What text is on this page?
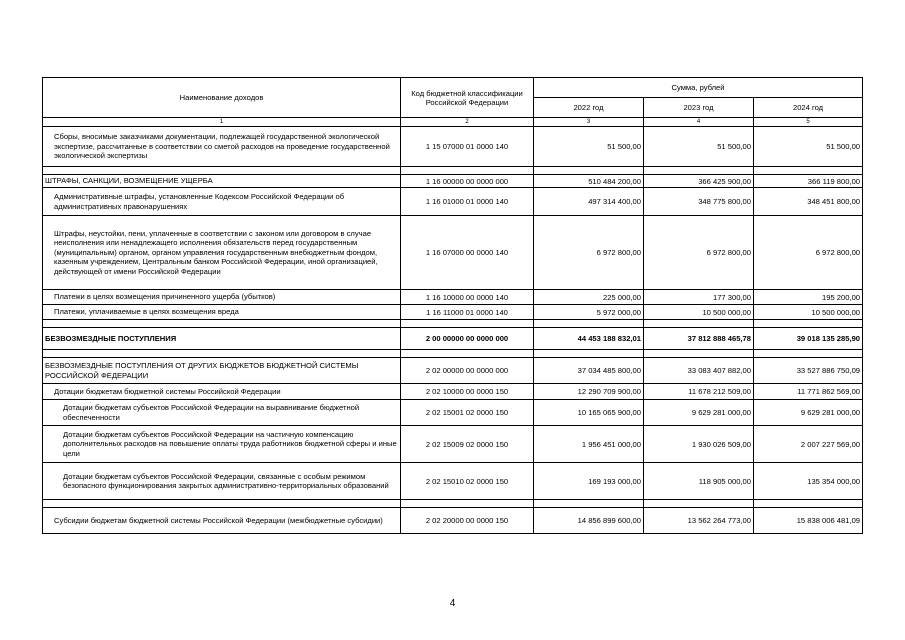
Наименование доходов	Код бюджетной классификации Российской Федерации	Сумма, рублей		
		2022 год	2023 год	2024 год
1	2	3	4	5
Сборы, вносимые заказчиками документации, подлежащей государственной экологической экспертизе, рассчитанные в соответствии со сметой расходов на проведение государственной экологической экспертизы	1 15 07000 01 0000 140	51 500,00	51 500,00	51 500,00

ШТРАФЫ, САНКЦИИ, ВОЗМЕЩЕНИЕ УЩЕРБА	1 16 00000 00 0000 000	510 484 200,00	366 425 900,00	366 119 800,00
Административные штрафы, установленные Кодексом Российской Федерации об административных правонарушениях	1 16 01000 01 0000 140	497 314 400,00	348 775 800,00	348 451 800,00
Штрафы, неустойки, пени, уплаченные в соответствии с законом или договором в случае неисполнения или ненадлежащего исполнения обязательств перед государственным (муниципальным) органом, органом управления государственным внебюджетным фондом, казенным учреждением, Центральным банком Российской Федерации, иной организацией, действующей от имени Российской Федерации	1 16 07000 00 0000 140	6 972 800,00	6 972 800,00	6 972 800,00
Платежи в целях возмещения причиненного ущерба (убытков)	1 16 10000 00 0000 140	225 000,00	177 300,00	195 200,00
Платежи, уплачиваемые в целях возмещения вреда	1 16 11000 01 0000 140	5 972 000,00	10 500 000,00	10 500 000,00

БЕЗВОЗМЕЗДНЫЕ ПОСТУПЛЕНИЯ	2 00 00000 00 0000 000	44 453 188 832,01	37 812 888 465,78	39 018 135 285,90

БЕЗВОЗМЕЗДНЫЕ ПОСТУПЛЕНИЯ ОТ ДРУГИХ БЮДЖЕТОВ БЮДЖЕТНОЙ СИСТЕМЫ РОССИЙСКОЙ ФЕДЕРАЦИИ	2 02 00000 00 0000 000	37 034 485 800,00	33 083 407 882,00	33 527 886 750,09
Дотации бюджетам бюджетной системы Российской Федерации	2 02 10000 00 0000 150	12 290 709 900,00	11 678 212 509,00	11 771 862 569,00
Дотации бюджетам субъектов Российской Федерации на выравнивание бюджетной обеспеченности	2 02 15001 02 0000 150	10 165 065 900,00	9 629 281 000,00	9 629 281 000,00
Дотации бюджетам субъектов Российской Федерации на частичную компенсацию дополнительных расходов на повышение оплаты труда работников бюджетной сферы и иные цели	2 02 15009 02 0000 150	1 956 451 000,00	1 930 026 509,00	2 007 227 569,00
Дотации бюджетам субъектов Российской Федерации, связанные с особым режимом безопасного функционирования закрытых административно-территориальных образований	2 02 15010 02 0000 150	169 193 000,00	118 905 000,00	135 354 000,00

Субсидии бюджетам бюджетной системы Российской Федерации (межбюджетные субсидии)	2 02 20000 00 0000 150	14 856 899 600,00	13 562 264 773,00	15 838 006 481,09
4
